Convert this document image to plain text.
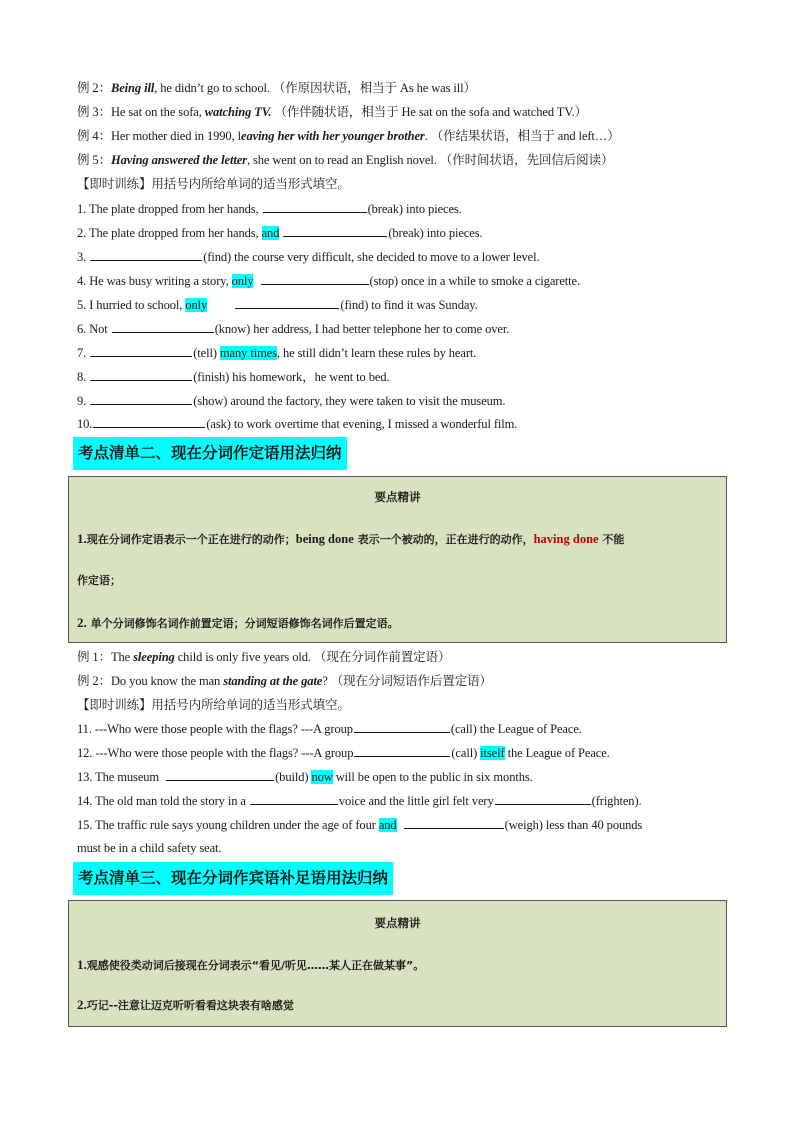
例 2：Being ill, he didn’t go to school. （作原因状语，相当于 As he was ill）
例 3：He sat on the sofa, watching TV. （作伴随状语，相当于 He sat on the sofa and watched TV.）
例 4：Her mother died in 1990, leaving her with her younger brother. （作结果状语，相当于 and left…）
例 5：Having answered the letter, she went on to read an English novel. （作时间状语，先回信后阅读）
【即时训练】用括号内所给单词的适当形式填空。
1. The plate dropped from her hands,	(break) into pieces.
2. The plate dropped from her hands, and	(break) into pieces.
3.	(find) the course very difficult, she decided to move to a lower level.
4. He was busy writing a story, only	(stop) once in a while to smoke a cigarette.
5. I hurried to school, only	(find) to find it was Sunday.
6. Not	(know) her address, I had better telephone her to come over.
7.	(tell) many times, he still didn’t learn these rules by heart.
8.	(finish) his homework，he went to bed.
9.	(show) around the factory, they were taken to visit the museum.
10.	(ask) to work overtime that evening, I missed a wonderful film.
考点清单二、现在分词作定语用法归纳
要点精讲
1.现在分词作定语表示一个正在进行的动作；being done 表示一个被动的，正在进行的动作，having done 不能
作定语；
2. 单个分词修饰名词作前置定语；分词短语修饰名词作后置定语。
例 1：The sleeping child is only five years old. （现在分词作前置定语）
例 2：Do you know the man standing at the gate? （现在分词短语作后置定语）
【即时训练】用括号内所给单词的适当形式填空。
11. ---Who were those people with the flags? ---A group	(call) the League of Peace.
12. ---Who were those people with the flags? ---A group	(call) itself the League of Peace.
13. The museum	(build) now will be open to the public in six months.
14. The old man told the story in a	voice and the little girl felt very	(frighten).
15. The traffic rule says young children under the age of four and	(weigh) less than 40 pounds
must be in a child safety seat.
考点清单三、现在分词作宾语补足语用法归纳
要点精讲
1.观感使役类动词后接现在分词表示“看见/听见……某人正在做某事”。
2.巧记--注意让迈克听听看看这块表有啥感觉
